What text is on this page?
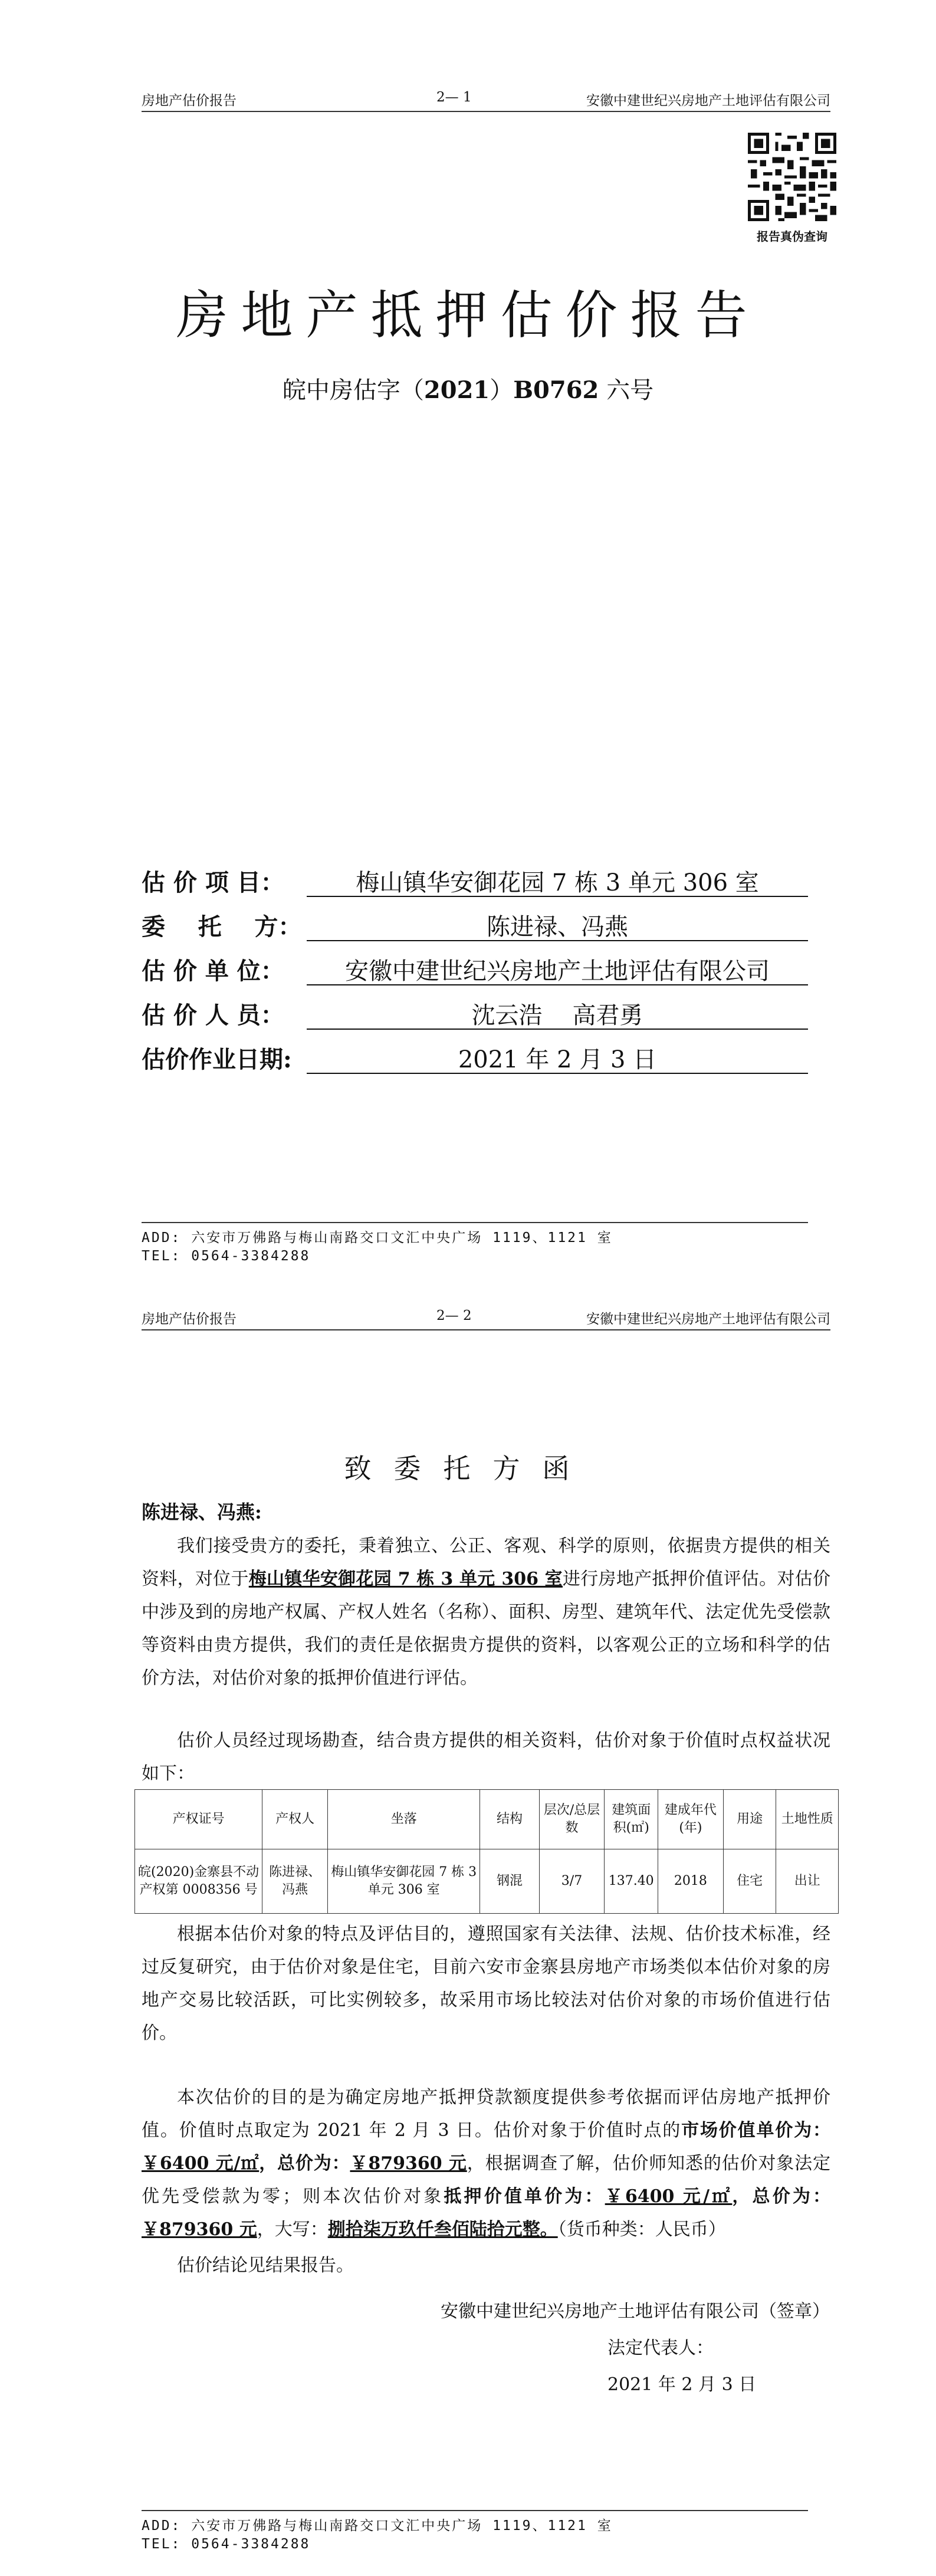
房地产估价报告	2— 1	安徽中建世纪兴房地产土地评估有限公司
报告真伪查询
房地产抵押估价报告
皖中房估字（2021）B0762 六号
估 价 项 目：	梅山镇华安御花园 7 栋 3 单元 306 室
委    托    方：	陈进禄、冯燕
估 价 单 位：	安徽中建世纪兴房地产土地评估有限公司
估 价 人 员：	沈云浩    高君勇
估价作业日期:	2021 年 2 月 3 日
ADD: 六安市万佛路与梅山南路交口文汇中央广场 1119、1121 室
TEL: 0564-3384288
房地产估价报告	2— 2	安徽中建世纪兴房地产土地评估有限公司
致委托方函
陈进禄、冯燕:

我们接受贵方的委托，秉着独立、公正、客观、科学的原则，依据贵方提供的相关资料，对位于梅山镇华安御花园 7 栋 3 单元 306 室进行房地产抵押价值评估。对估价中涉及到的房地产权属、产权人姓名（名称）、面积、房型、建筑年代、法定优先受偿款等资料由贵方提供，我们的责任是依据贵方提供的资料，以客观公正的立场和科学的估价方法，对估价对象的抵押价值进行评估。

估价人员经过现场勘查，结合贵方提供的相关资料，估价对象于价值时点权益状况如下：

产权证号	产权人	坐落	结构	层次/总层数	建筑面积(㎡)	建成年代(年)	用途	土地性质
皖(2020)金寨县不动产权第 0008356 号	陈进禄、冯燕	梅山镇华安御花园 7 栋 3 单元 306 室	钢混	3/7	137.40	2018	住宅	出让

根据本估价对象的特点及评估目的，遵照国家有关法律、法规、估价技术标准，经过反复研究，由于估价对象是住宅，目前六安市金寨县房地产市场类似本估价对象的房地产交易比较活跃，可比实例较多，故采用市场比较法对估价对象的市场价值进行估价。

本次估价的目的是为确定房地产抵押贷款额度提供参考依据而评估房地产抵押价值。价值时点取定为 2021 年 2 月 3 日。估价对象于价值时点的市场价值单价为：￥6400 元/㎡，总价为：￥879360 元，根据调查了解，估价师知悉的估价对象法定优先受偿款为零；则本次估价对象抵押价值单价为：￥6400 元/㎡，总价为：￥879360 元，大写：捌拾柒万玖仟叁佰陆拾元整。（货币种类：人民币）

估价结论见结果报告。

安徽中建世纪兴房地产土地评估有限公司（签章）
法定代表人：
2021 年 2 月 3 日
ADD: 六安市万佛路与梅山南路交口文汇中央广场 1119、1121 室
TEL: 0564-3384288
